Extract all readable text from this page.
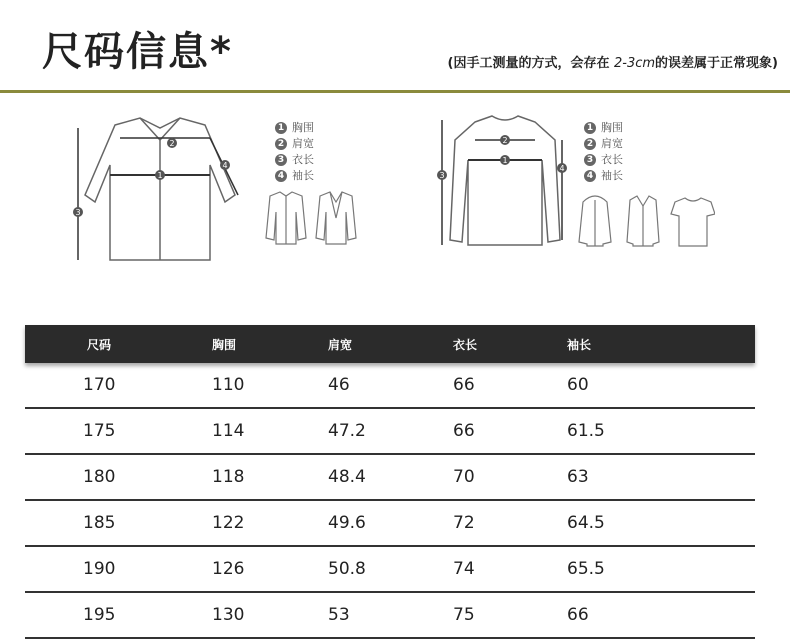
尺码信息*	(因手工测量的方式，会存在 2-3cm的误差属于正常现象)
1
2
3
4
1 胸围
2 肩宽
3 衣长
4 袖长
1
2
3
4
1 胸围
2 肩宽
3 衣长
4 袖长
尺码	胸围	肩宽	衣长	袖长
170	110	46	66	60
175	114	47.2	66	61.5
180	118	48.4	70	63
185	122	49.6	72	64.5
190	126	50.8	74	65.5
195	130	53	75	66
